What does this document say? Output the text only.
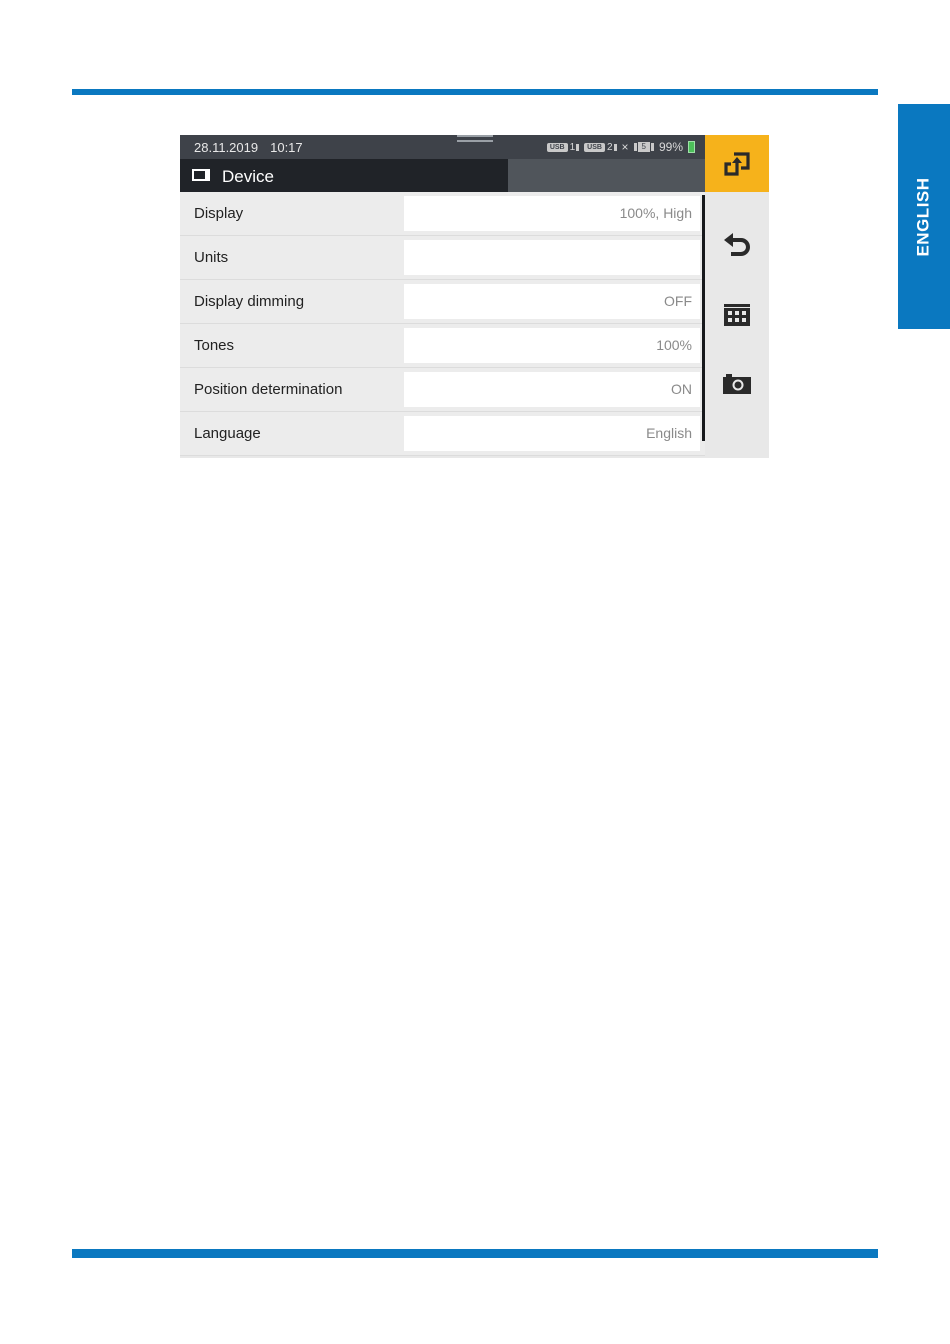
ENGLISH
28.11.2019 10:17	USB 1	USB 2 ×	5	99%
Device
Display	100%, High
Units
Display dimming	OFF
Tones	100%
Position determination	ON
Language	English
